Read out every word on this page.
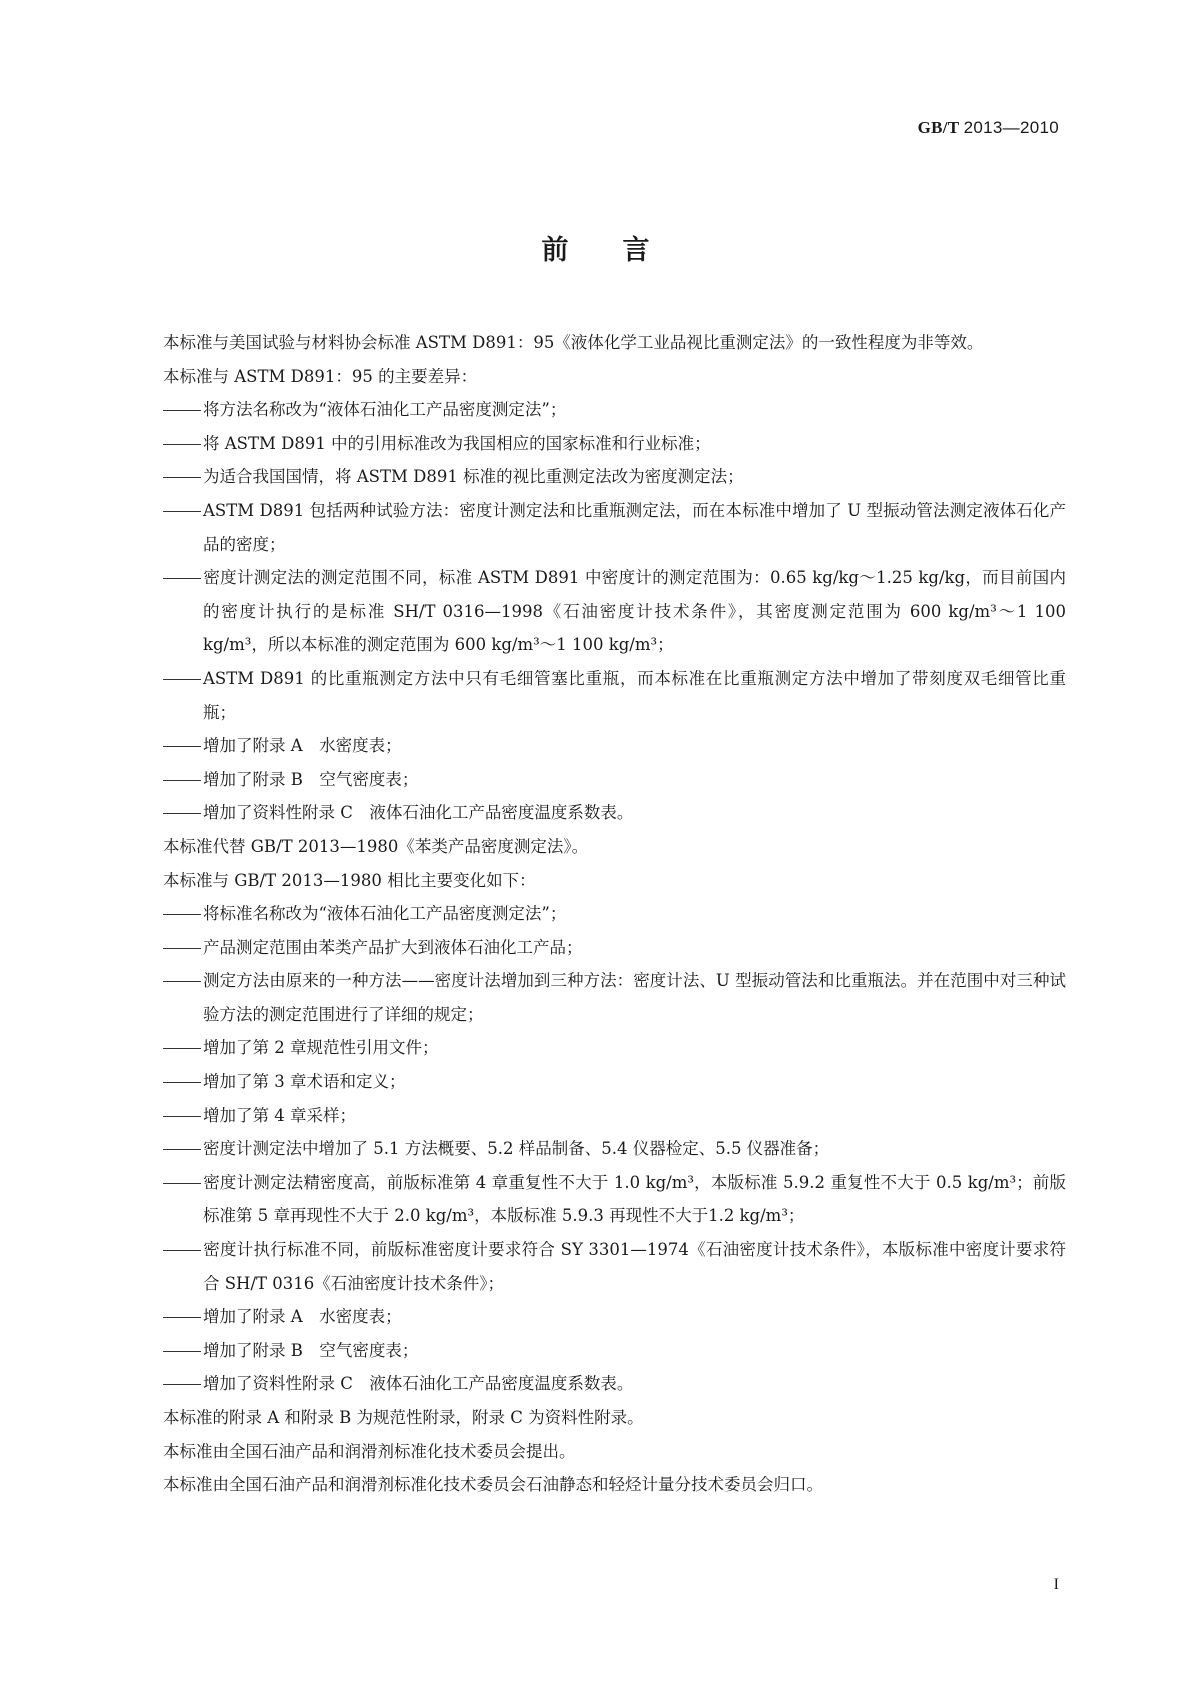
GB/T 2013—2010
前言

本标准与美国试验与材料协会标准 ASTM D891：95《液体化学工业品视比重测定法》的一致性程度为非等效。

本标准与 ASTM D891：95 的主要差异：

将方法名称改为“液体石油化工产品密度测定法”；

将 ASTM D891 中的引用标准改为我国相应的国家标准和行业标准；

为适合我国国情，将 ASTM D891 标准的视比重测定法改为密度测定法；

ASTM D891 包括两种试验方法：密度计测定法和比重瓶测定法，而在本标准中增加了 U 型振动管法测定液体石化产品的密度；

密度计测定法的测定范围不同，标准 ASTM D891 中密度计的测定范围为：0.65 kg/kg～1.25 kg/kg，而目前国内的密度计执行的是标准 SH/T 0316—1998《石油密度计技术条件》，其密度测定范围为 600 kg/m³～1 100 kg/m³，所以本标准的测定范围为 600 kg/m³～1 100 kg/m³；

ASTM D891 的比重瓶测定方法中只有毛细管塞比重瓶，而本标准在比重瓶测定方法中增加了带刻度双毛细管比重瓶；

增加了附录 A　水密度表；

增加了附录 B　空气密度表；

增加了资料性附录 C　液体石油化工产品密度温度系数表。

本标准代替 GB/T 2013—1980《苯类产品密度测定法》。

本标准与 GB/T 2013—1980 相比主要变化如下：

将标准名称改为“液体石油化工产品密度测定法”；

产品测定范围由苯类产品扩大到液体石油化工产品；

测定方法由原来的一种方法——密度计法增加到三种方法：密度计法、U 型振动管法和比重瓶法。并在范围中对三种试验方法的测定范围进行了详细的规定；

增加了第 2 章规范性引用文件；

增加了第 3 章术语和定义；

增加了第 4 章采样；

密度计测定法中增加了 5.1 方法概要、5.2 样品制备、5.4 仪器检定、5.5 仪器准备；

密度计测定法精密度高，前版标准第 4 章重复性不大于 1.0 kg/m³，本版标准 5.9.2 重复性不大于 0.5 kg/m³；前版标准第 5 章再现性不大于 2.0 kg/m³，本版标准 5.9.3 再现性不大于1.2 kg/m³；

密度计执行标准不同，前版标准密度计要求符合 SY 3301—1974《石油密度计技术条件》，本版标准中密度计要求符合 SH/T 0316《石油密度计技术条件》；

增加了附录 A　水密度表；

增加了附录 B　空气密度表；

增加了资料性附录 C　液体石油化工产品密度温度系数表。

本标准的附录 A 和附录 B 为规范性附录，附录 C 为资料性附录。

本标准由全国石油产品和润滑剂标准化技术委员会提出。

本标准由全国石油产品和润滑剂标准化技术委员会石油静态和轻烃计量分技术委员会归口。

I
